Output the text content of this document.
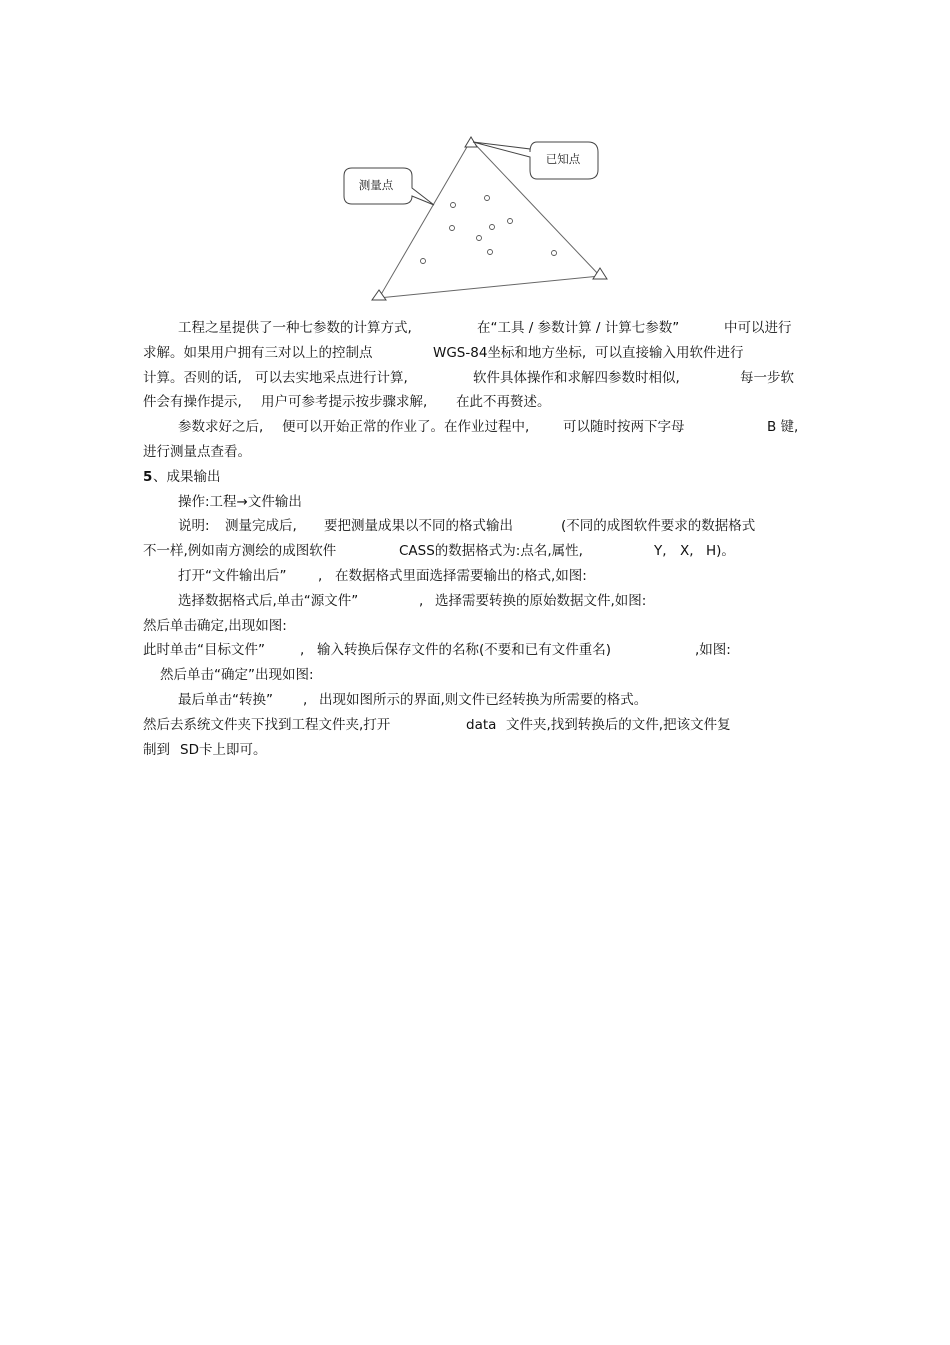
已知点
测量点
工程之星提供了一种七参数的计算方式,	在“工具 / 参数计算 / 计算七参数”	中可以进行
求解。如果用户拥有三对以上的控制点	WGS-84坐标和地方坐标, 可以直接输入用软件进行
计算。否则的话, 可以去实地采点进行计算,	软件具体操作和求解四参数时相似,	每一步软
件会有操作提示, 用户可参考提示按步骤求解, 在此不再赘述。
参数求好之后, 便可以开始正常的作业了。在作业过程中, 可以随时按两下字母	B 键,
进行测量点查看。
5 、成果输出
操作:工程→文件输出
说明: 测量完成后, 要把测量成果以不同的格式输出	(不同的成图软件要求的数据格式
不一样,例如南方测绘的成图软件	CASS的数据格式为:点名,属性,	Y, X, H)。
打开“文件输出后” , 在数据格式里面选择需要输出的格式,如图:
选择数据格式后,单击“源文件”	, 选择需要转换的原始数据文件,如图:
然后单击确定,出现如图:
此时单击“目标文件”	, 输入转换后保存文件的名称(不要和已有文件重名)	,如图:
然后单击“确定”出现如图:
最后单击“转换” , 出现如图所示的界面,则文件已经转换为所需要的格式。
然后去系统文件夹下找到工程文件夹,打开	data 文件夹,找到转换后的文件,把该文件复
制到 SD卡上即可。
